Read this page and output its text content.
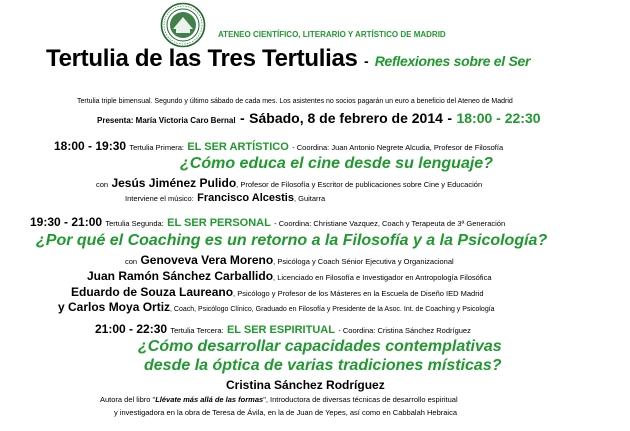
ATENEO CIENTÍFICO, LITERARIO Y ARTÍSTICO DE MADRID
Tertulia de las Tres Tertulias - Reflexiones sobre el Ser
Tertulia triple bimensual. Segundo y último sábado de cada mes. Los asistentes no socios pagarán un euro a beneficio del Ateneo de Madrid
Presenta: María Victoria Caro Bernal - Sábado, 8 de febrero de 2014 - 18:00 - 22:30
18:00 - 19:30 Tertulia Primera: EL SER ARTÍSTICO - Coordina: Juan Antonio Negrete Alcudia, Profesor de Filosofía
¿Cómo educa el cine desde su lenguaje?
con Jesús Jiménez Pulido, Profesor de Filosofía y Escritor de publicaciones sobre Cine y Educación
Interviene el músico: Francisco Alcestis, Guitarra
19:30 - 21:00 Tertulia Segunda: EL SER PERSONAL - Coordina: Christiane Vazquez, Coach y Terapeuta de 3ª Generación
¿Por qué el Coaching es un retorno a la Filosofía y a la Psicología?
con Genoveva Vera Moreno, Psicóloga y Coach Sénior Ejecutiva y Organizacional
Juan Ramón Sánchez Carballido, Licenciado en Filosofía e Investigador en Antropología Filosófica
Eduardo de Souza Laureano, Psicólogo y Profesor de los Másteres en la Escuela de Diseño IED Madrid
y Carlos Moya Ortiz, Coach, Psicólogo Clínico, Graduado en Filosofía y Presidente de la Asoc. Int. de Coaching y Psicología
21:00 - 22:30 Tertulia Tercera: EL SER ESPIRITUAL - Coordina: Cristina Sánchez Rodríguez
¿Cómo desarrollar capacidades contemplativas
desde la óptica de varias tradiciones místicas?
Cristina Sánchez Rodríguez
Autora del libro "Llévate más allá de las formas", Introductora de diversas técnicas de desarrollo espiritual
y investigadora en la obra de Teresa de Ávila, en la de Juan de Yepes, así como en Cabbalah Hebraica
